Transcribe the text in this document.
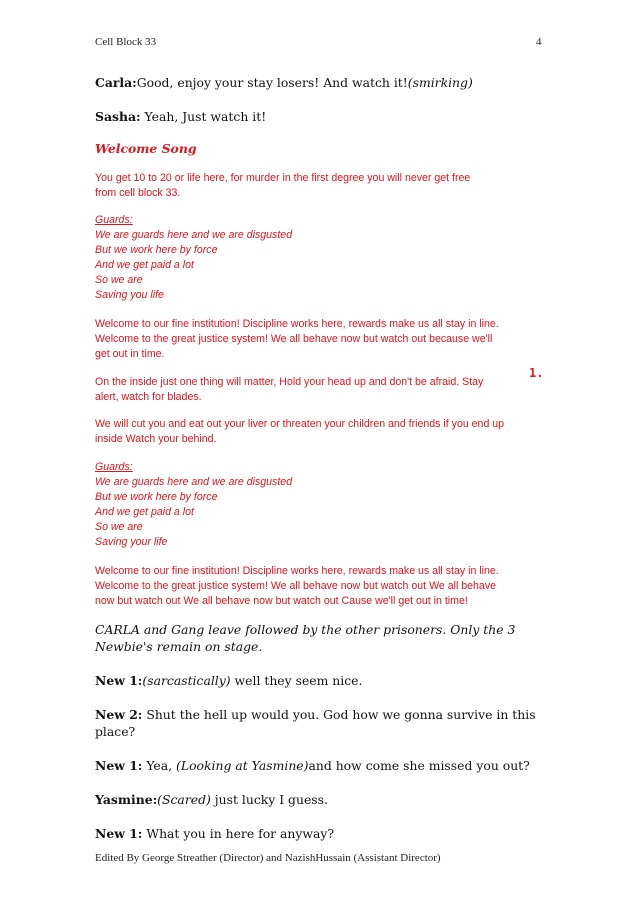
Cell Block 33	4
1.

Carla:Good, enjoy your stay losers! And watch it!(smirking)

Sasha: Yeah, Just watch it!

Welcome Song

You get 10 to 20 or life here, for murder in the first degree you will never get free
from cell block 33.

Guards:

We are guards here and we are disgusted
But we work here by force
And we get paid a lot
So we are
Saving you life

Welcome to our fine institution! Discipline works here, rewards make us all stay in line.
Welcome to the great justice system! We all behave now but watch out because we'll
get out in time.

On the inside just one thing will matter, Hold your head up and don't be afraid. Stay
alert, watch for blades.

We will cut you and eat out your liver or threaten your children and friends if you end up
inside Watch your behind.

Guards:

We are guards here and we are disgusted
But we work here by force
And we get paid a lot
So we are
Saving your life

Welcome to our fine institution! Discipline works here, rewards make us all stay in line.
Welcome to the great justice system! We all behave now but watch out We all behave
now but watch out We all behave now but watch out Cause we'll get out in time!

CARLA and Gang leave followed by the other prisoners. Only the 3 Newbie's remain on stage.

New 1:(sarcastically) well they seem nice.

New 2: Shut the hell up would you. God how we gonna survive in this place?

New 1: Yea, (Looking at Yasmine)and how come she missed you out?

Yasmine:(Scared) just lucky I guess.

New 1: What you in here for anyway?

Edited By George Streather (Director) and NazishHussain (Assistant Director)
